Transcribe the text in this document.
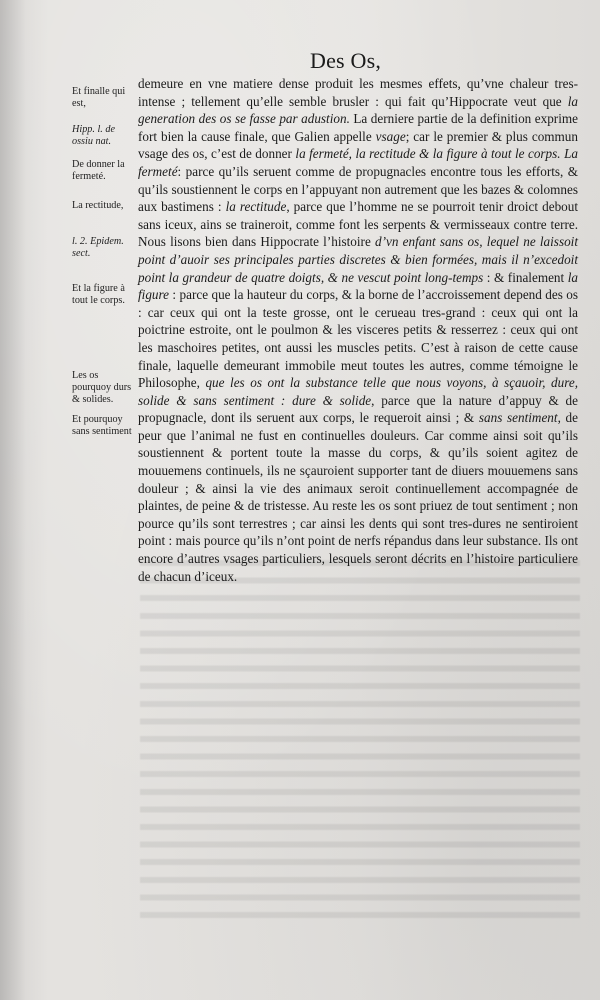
Des Os,
Et finalle qui est,
Hipp. l. de ossiu nat.
De donner la fermeté.
La rectitude,
l. 2. Epidem. sect.
Et la figure à tout le corps.
Les os pourquoy durs & solides.
Et pourquoy sans sentiment
demeure en vne matiere dense produit les mesmes effets, qu’vne chaleur tres-intense ; tellement qu’elle semble brusler : qui fait qu’Hippocrate veut que la generation des os se fasse par adustion. La derniere partie de la definition exprime fort bien la cause finale, que Galien appelle vsage; car le premier & plus commun vsage des os, c’est de donner la fermeté, la rectitude & la figure à tout le corps. La fermeté: parce qu’ils seruent comme de propugnacles encontre tous les efforts, & qu’ils soustiennent le corps en l’appuyant non autrement que les bazes & colomnes aux bastimens : la rectitude, parce que l’homme ne se pourroit tenir droict debout sans iceux, ains se traineroit, comme font les serpents & vermisseaux contre terre. Nous lisons bien dans Hippocrate l’histoire d’vn enfant sans os, lequel ne laissoit point d’auoir ses principales parties discretes & bien formées, mais il n’excedoit point la grandeur de quatre doigts, & ne vescut point long-temps : & finalement la figure : parce que la hauteur du corps, & la borne de l’accroissement depend des os : car ceux qui ont la teste grosse, ont le cerueau tres-grand : ceux qui ont la poictrine estroite, ont le poulmon & les visceres petits & resserrez : ceux qui ont les maschoires petites, ont aussi les muscles petits. C’est à raison de cette cause finale, laquelle demeurant immobile meut toutes les autres, comme témoigne le Philosophe, que les os ont la substance telle que nous voyons, à sçauoir, dure, solide & sans sentiment : dure & solide, parce que la nature d’appuy & de propugnacle, dont ils seruent aux corps, le requeroit ainsi ; & sans sentiment, de peur que l’animal ne fust en continuelles douleurs. Car comme ainsi soit qu’ils soustiennent & portent toute la masse du corps, & qu’ils soient agitez de mouuemens continuels, ils ne sçauroient supporter tant de diuers mouuemens sans douleur ; & ainsi la vie des animaux seroit continuellement accompagnée de plaintes, de peine & de tristesse. Au reste les os sont priuez de tout sentiment ; non pource qu’ils sont terrestres ; car ainsi les dents qui sont tres-dures ne sentiroient point : mais pource qu’ils n’ont point de nerfs répandus dans leur substance. Ils ont encore d’autres vsages particuliers, lesquels seront décrits en l’histoire particuliere de chacun d’iceux.
